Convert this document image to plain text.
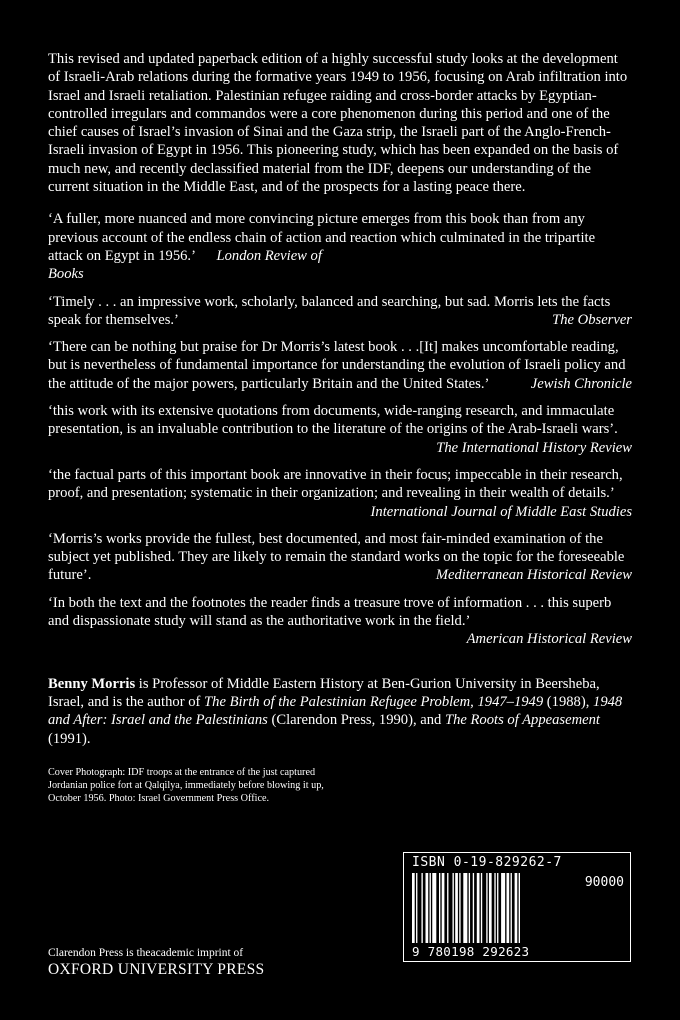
This revised and updated paperback edition of a highly successful study looks at the development of Israeli-Arab relations during the formative years 1949 to 1956, focusing on Arab infiltration into Israel and Israeli retaliation. Palestinian refugee raiding and cross-border attacks by Egyptian-controlled irregulars and commandos were a core phenomenon during this period and one of the chief causes of Israel’s invasion of Sinai and the Gaza strip, the Israeli part of the Anglo-French-Israeli invasion of Egypt in 1956. This pioneering study, which has been expanded on the basis of much new, and recently declassified material from the IDF, deepens our understanding of the current situation in the Middle East, and of the prospects for a lasting peace there.

‘A fuller, more nuanced and more convincing picture emerges from this book than from any previous account of the endless chain of action and reaction which culminated in the tripartite attack on Egypt in 1956.’ London Review of
Books
‘Timely . . . an impressive work, scholarly, balanced and searching, but sad. Morris lets the facts speak for themselves.’	The Observer
‘There can be nothing but praise for Dr Morris’s latest book . . .[It] makes uncomfortable reading, but is nevertheless of fundamental importance for understanding the evolution of Israeli policy and the attitude of the major powers, particularly Britain and the United States.’	Jewish Chronicle
‘this work with its extensive quotations from documents, wide-ranging research, and immaculate presentation, is an invaluable contribution to the literature of the origins of the Arab-Israeli wars’.
The International History Review
‘the factual parts of this important book are innovative in their focus; impeccable in their research, proof, and presentation; systematic in their organization; and revealing in their wealth of details.’
International Journal of Middle East Studies
‘Morris’s works provide the fullest, best documented, and most fair-minded examination of the subject yet published. They are likely to remain the standard works on the topic for the foreseeable future’.	Mediterranean Historical Review
‘In both the text and the footnotes the reader finds a treasure trove of information . . . this superb and dispassionate study will stand as the authoritative work in the field.’
American Historical Review

Benny Morris is Professor of Middle Eastern History at Ben-Gurion University in Beersheba, Israel, and is the author of The Birth of the Palestinian Refugee Problem, 1947–1949 (1988), 1948 and After: Israel and the Palestinians (Clarendon Press, 1990), and The Roots of Appeasement (1991).

Cover Photograph: IDF troops at the entrance of the just captured Jordanian police fort at Qalqilya, immediately before blowing it up, October 1956. Photo: Israel Government Press Office.

ISBN 0-19-829262-7
90000
9 780198 292623
Clarendon Press is theacademic imprint of
OXFORD UNIVERSITY PRESS
